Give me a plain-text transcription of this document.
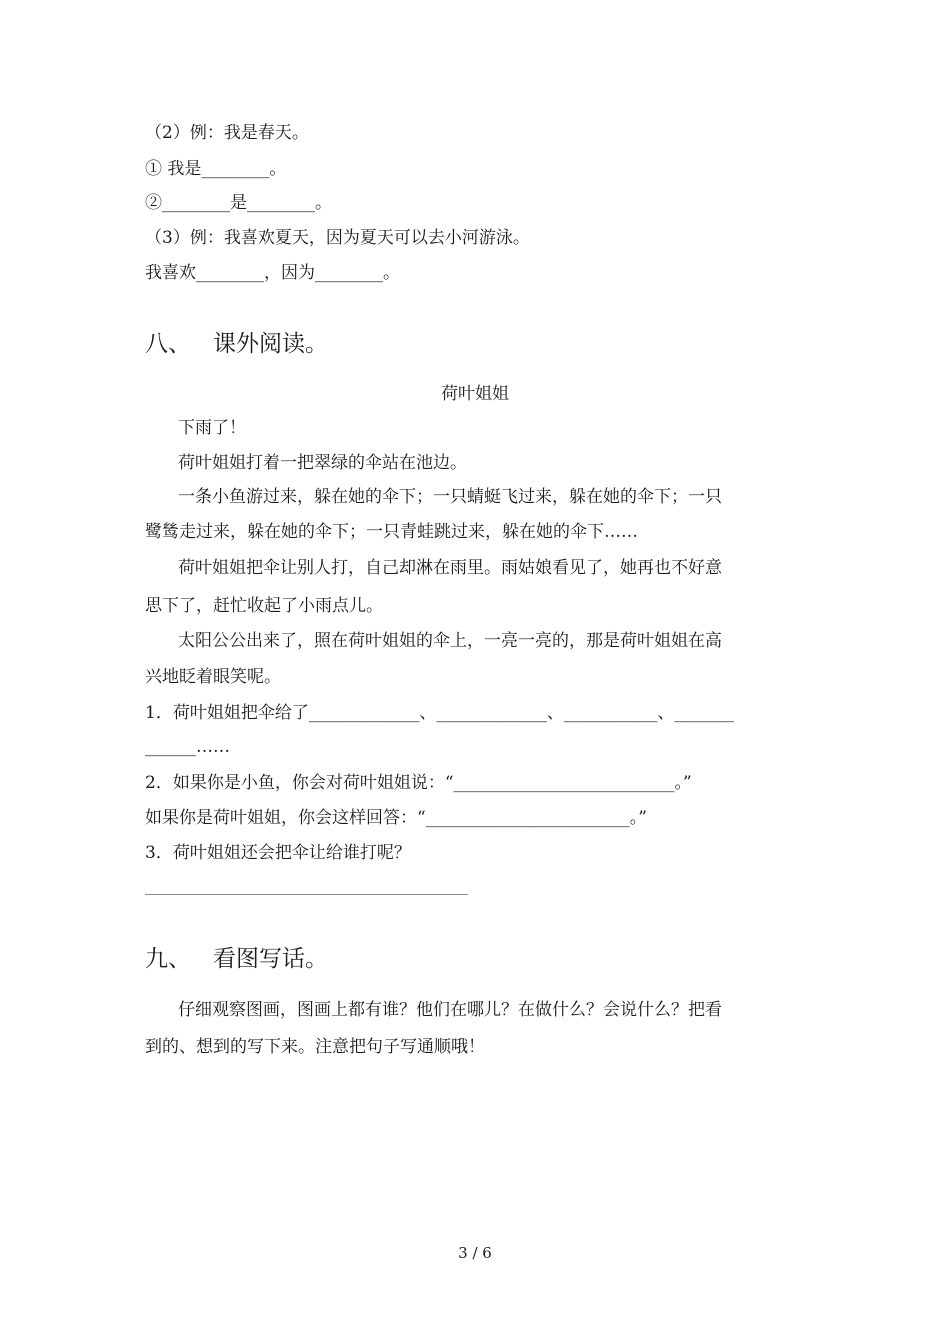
（2）例：我是春天。
① 我是________。
②________是________。
（3）例：我喜欢夏天，因为夏天可以去小河游泳。
我喜欢________，因为________。
八、 课外阅读。
荷叶姐姐
下雨了！
荷叶姐姐打着一把翠绿的伞站在池边。
一条小鱼游过来，躲在她的伞下；一只蜻蜓飞过来，躲在她的伞下；一只
鹭鸶走过来，躲在她的伞下；一只青蛙跳过来，躲在她的伞下……
荷叶姐姐把伞让别人打，自己却淋在雨里。雨姑娘看见了，她再也不好意
思下了，赶忙收起了小雨点儿。
太阳公公出来了，照在荷叶姐姐的伞上，一亮一亮的，那是荷叶姐姐在高
兴地眨着眼笑呢。
1．荷叶姐姐把伞给了_____________、_____________、___________、_______
______……
2．如果你是小鱼，你会对荷叶姐姐说：“__________________________。”
如果你是荷叶姐姐，你会这样回答：“________________________。”
3．荷叶姐姐还会把伞让给谁打呢？
九、 看图写话。
仔细观察图画，图画上都有谁？他们在哪儿？在做什么？会说什么？把看
到的、想到的写下来。注意把句子写通顺哦！
3 / 6
